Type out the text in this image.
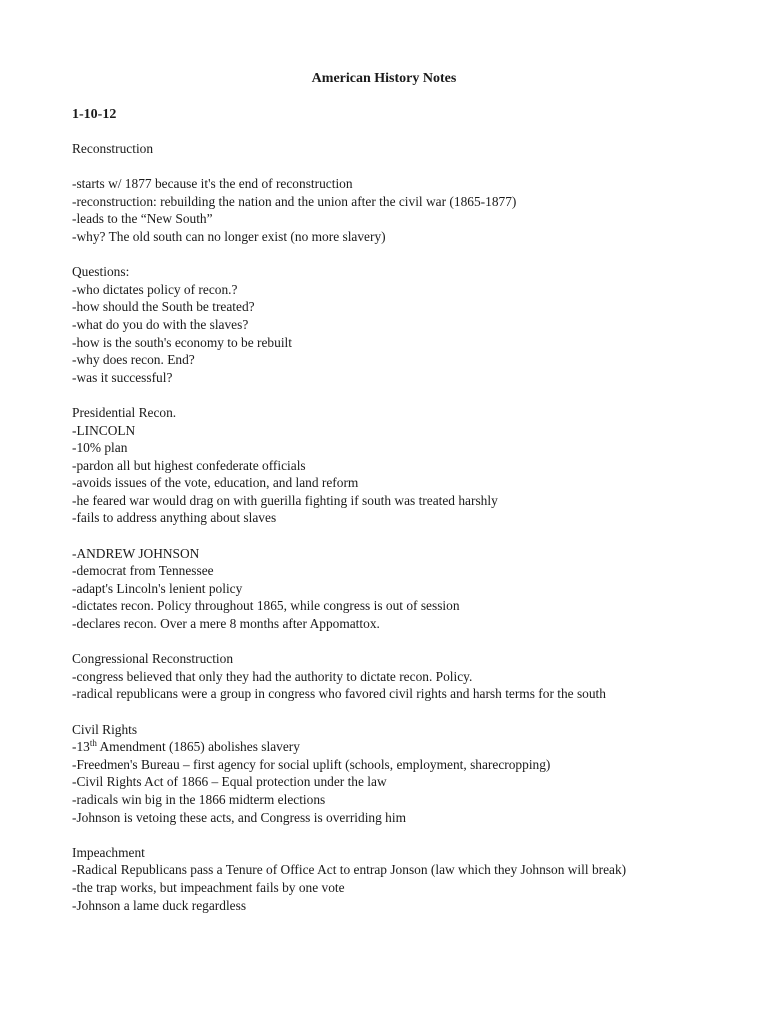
American History Notes
1-10-12
Reconstruction
-starts w/ 1877 because it's the end of reconstruction
-reconstruction: rebuilding the nation and the union after the civil war (1865-1877)
-leads to the “New South”
-why? The old south can no longer exist (no more slavery)
Questions:
-who dictates policy of recon.?
-how should the South be treated?
-what do you do with the slaves?
-how is the south's economy to be rebuilt
-why does recon. End?
-was it successful?
Presidential Recon.
-LINCOLN
-10% plan
-pardon all but highest confederate officials
-avoids issues of the vote, education, and land reform
-he feared war would drag on with guerilla fighting if south was treated harshly
-fails to address anything about slaves
-ANDREW JOHNSON
-democrat from Tennessee
-adapt's Lincoln's lenient policy
-dictates recon. Policy throughout 1865, while congress is out of session
-declares recon. Over a mere 8 months after Appomattox.
Congressional Reconstruction
-congress believed that only they had the authority to dictate recon. Policy.
-radical republicans were a group in congress who favored civil rights and harsh terms for the south
Civil Rights
-13th Amendment (1865) abolishes slavery
-Freedmen's Bureau – first agency for social uplift (schools, employment, sharecropping)
-Civil Rights Act of 1866 – Equal protection under the law
-radicals win big in the 1866 midterm elections
-Johnson is vetoing these acts, and Congress is overriding him
Impeachment
-Radical Republicans pass a Tenure of Office Act to entrap Jonson (law which they Johnson will break)
-the trap works, but impeachment fails by one vote
-Johnson a lame duck regardless
